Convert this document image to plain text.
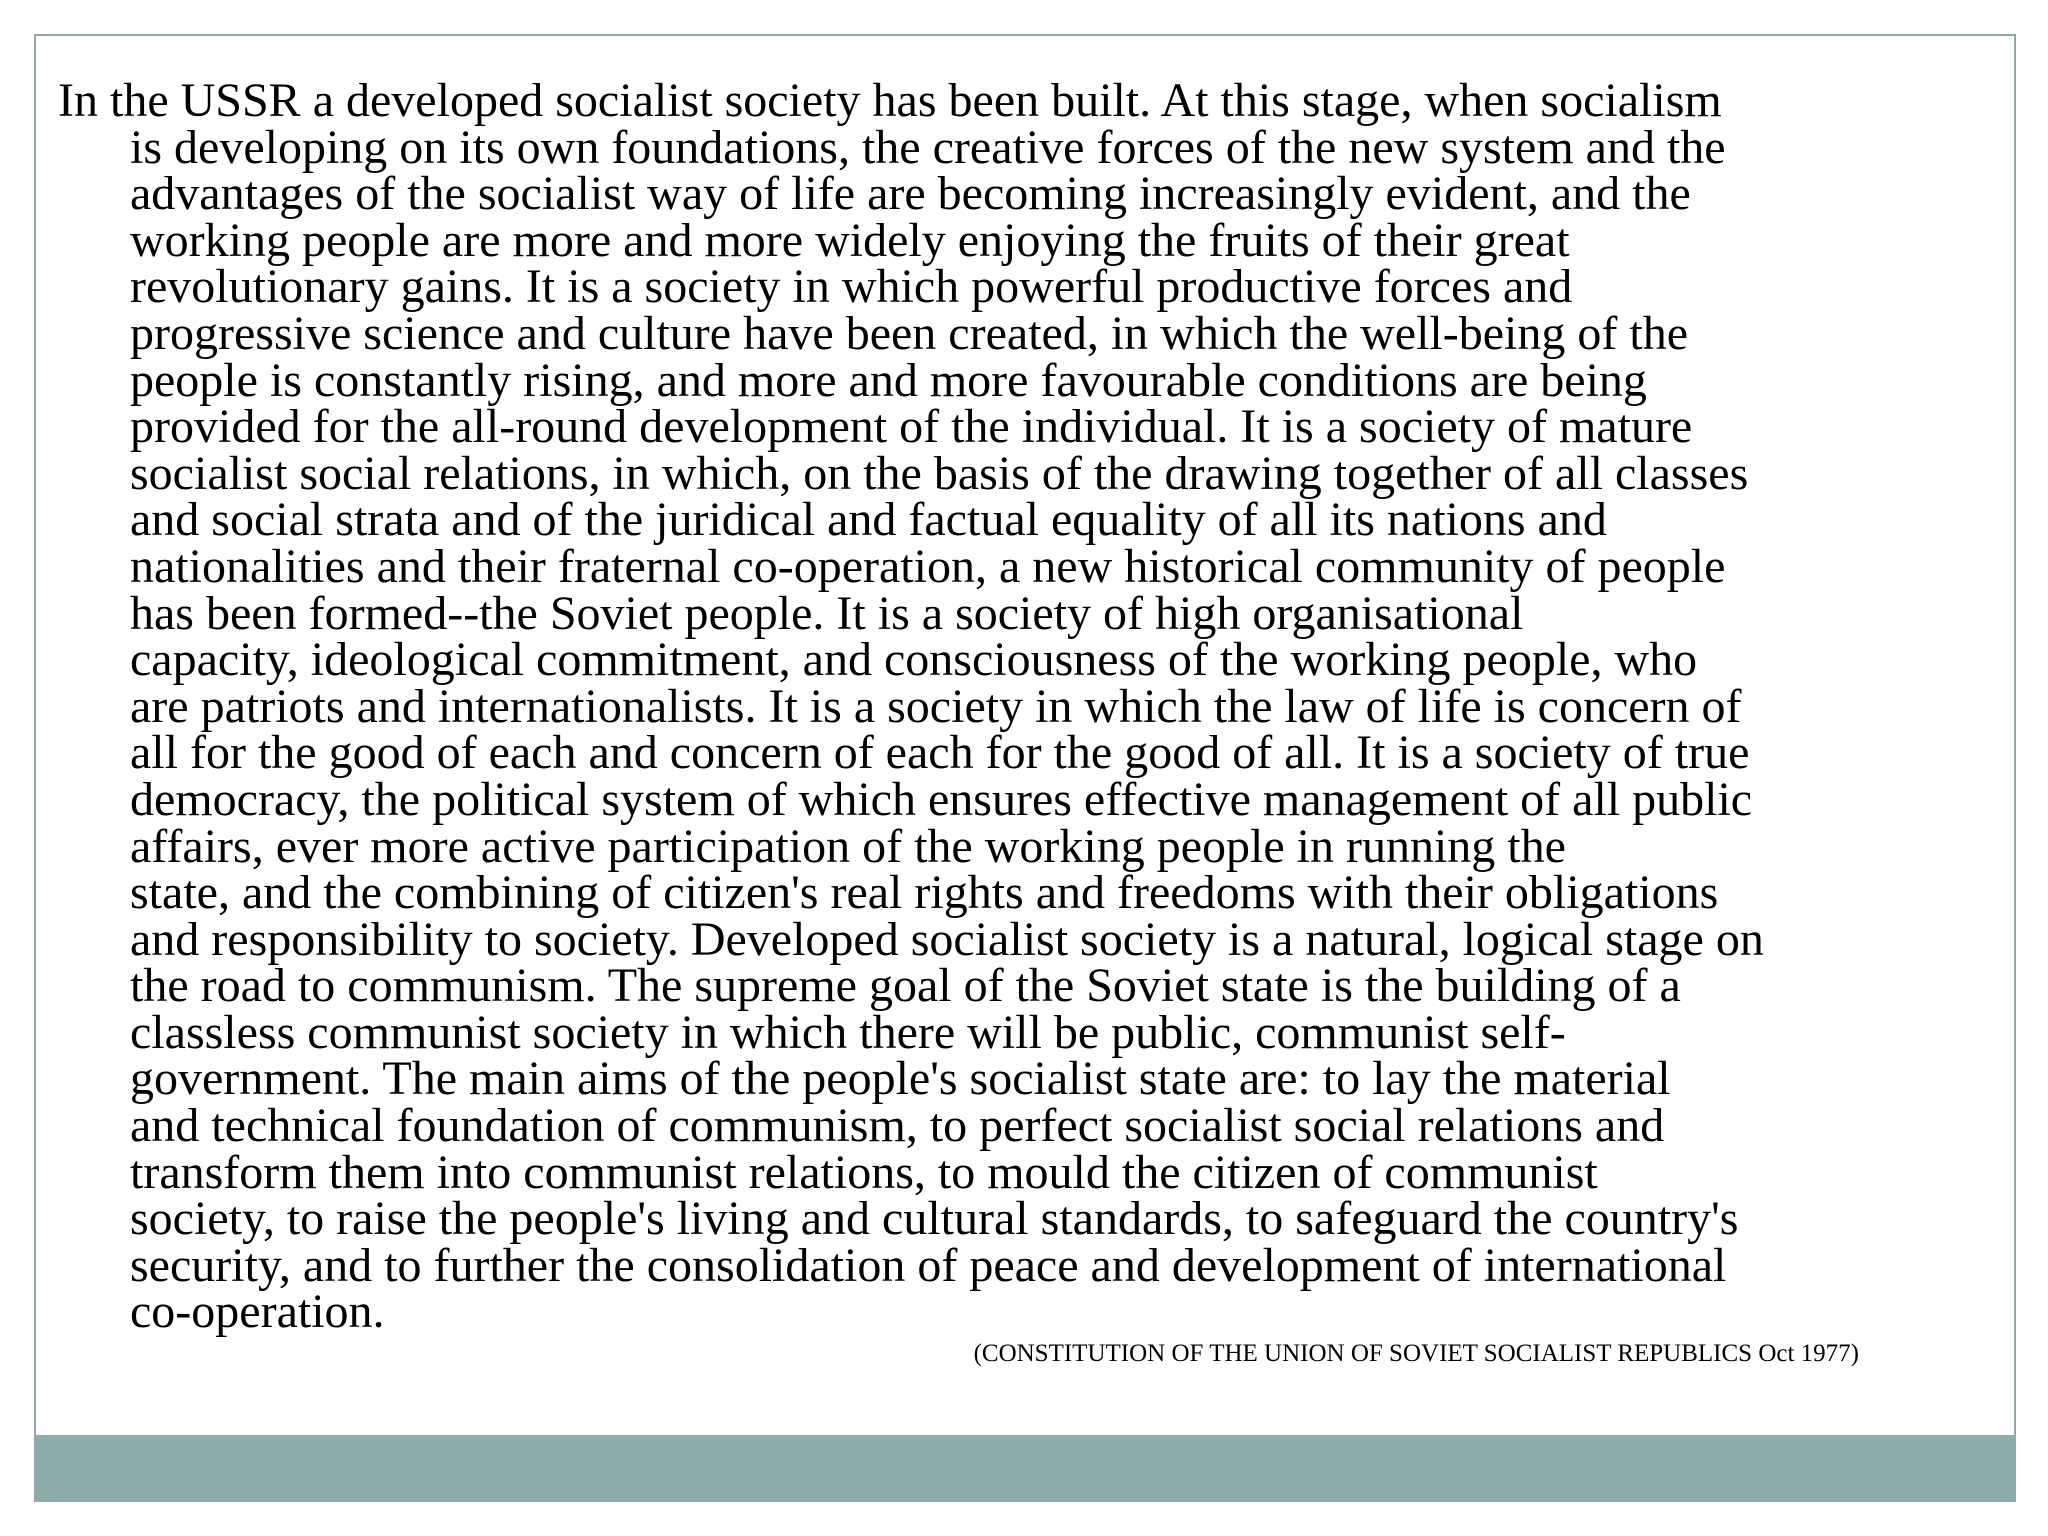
In the USSR a developed socialist society has been built. At this stage, when socialism
is developing on its own foundations, the creative forces of the new system and the
advantages of the socialist way of life are becoming increasingly evident, and the
working people are more and more widely enjoying the fruits of their great
revolutionary gains. It is a society in which powerful productive forces and
progressive science and culture have been created, in which the well-being of the
people is constantly rising, and more and more favourable conditions are being
provided for the all-round development of the individual. It is a society of mature
socialist social relations, in which, on the basis of the drawing together of all classes
and social strata and of the juridical and factual equality of all its nations and
nationalities and their fraternal co-operation, a new historical community of people
has been formed--the Soviet people. It is a society of high organisational
capacity, ideological commitment, and consciousness of the working people, who
are patriots and internationalists. It is a society in which the law of life is concern of
all for the good of each and concern of each for the good of all. It is a society of true
democracy, the political system of which ensures effective management of all public
affairs, ever more active participation of the working people in running the
state, and the combining of citizen's real rights and freedoms with their obligations
and responsibility to society. Developed socialist society is a natural, logical stage on
the road to communism. The supreme goal of the Soviet state is the building of a
classless communist society in which there will be public, communist self-
government. The main aims of the people's socialist state are: to lay the material
and technical foundation of communism, to perfect socialist social relations and
transform them into communist relations, to mould the citizen of communist
society, to raise the people's living and cultural standards, to safeguard the country's
security, and to further the consolidation of peace and development of international
co-operation.
(CONSTITUTION OF THE UNION OF SOVIET SOCIALIST REPUBLICS Oct 1977)
